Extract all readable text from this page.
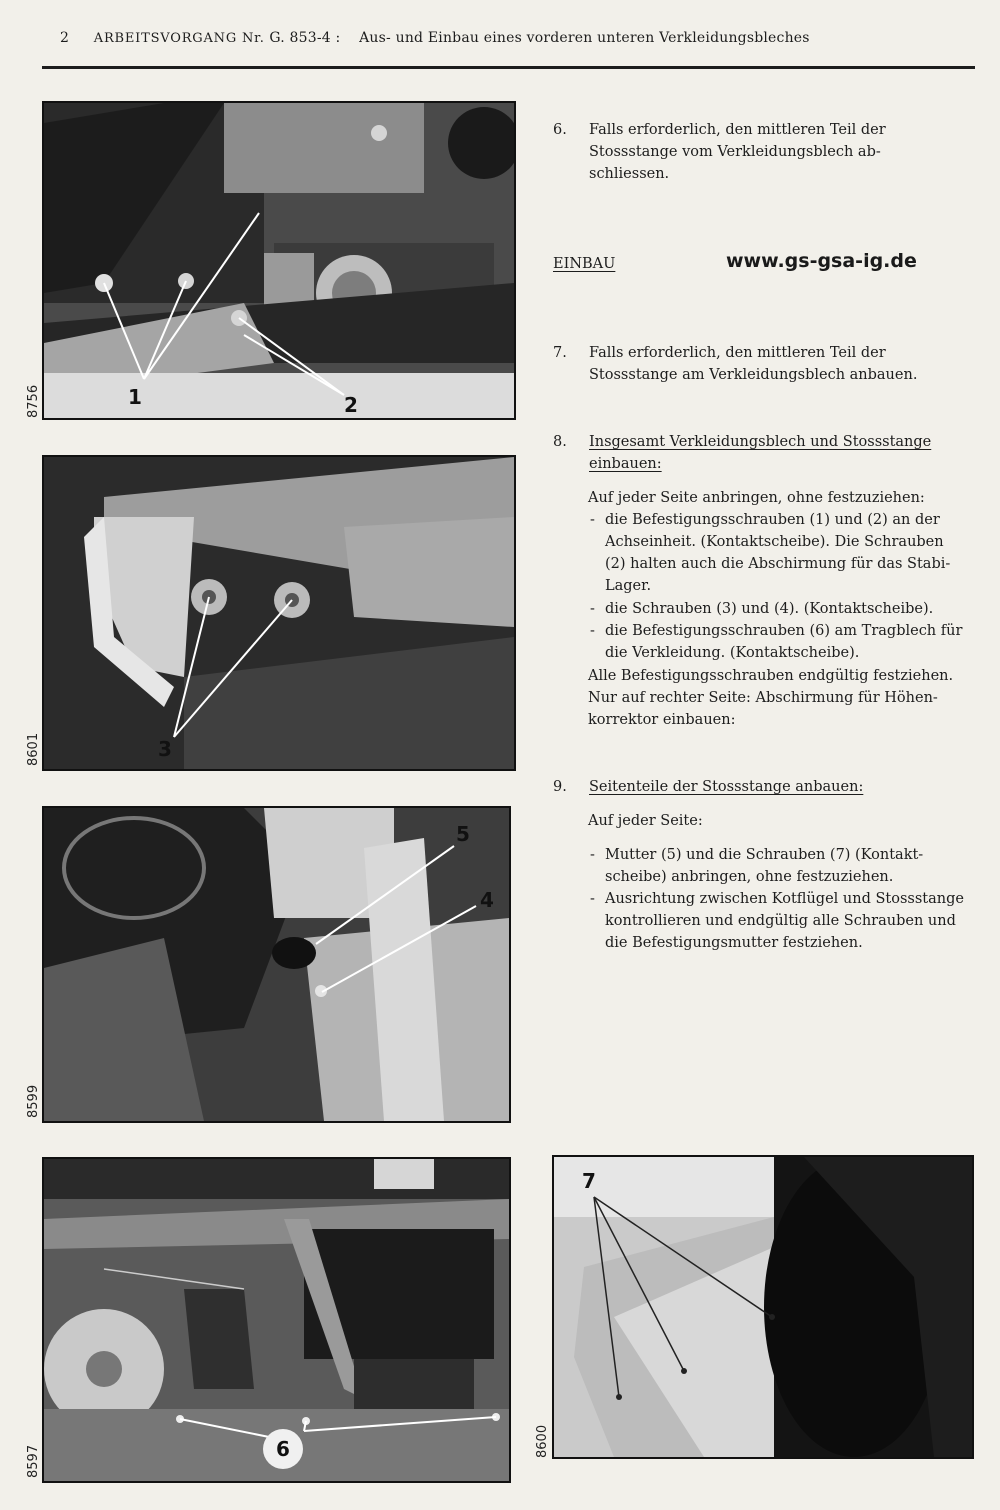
2 ARBEITSVORGANG Nr. G. 853-4 : Aus- und Einbau eines vorderen unteren Verkleidungsbleches
1	2
8756
3
8601
5
4
8599
6
8597
7
8600
6. Falls erforderlich, den mittleren Teil der
Stossstange vom Verkleidungsblech ab-
schliessen.
EINBAU	www.gs-gsa-ig.de
7. Falls erforderlich, den mittleren Teil der
Stossstange am Verkleidungsblech anbauen.
8. Insgesamt Verkleidungsblech und Stossstange
einbauen:
Auf jeder Seite anbringen, ohne festzuziehen:
- die Befestigungsschrauben (1) und (2) an der
Achseinheit. (Kontaktscheibe). Die Schrauben
(2) halten auch die Abschirmung für das Stabi-
Lager.
- die Schrauben (3) und (4). (Kontaktscheibe).
- die Befestigungsschrauben (6) am Tragblech für
die Verkleidung. (Kontaktscheibe).
Alle Befestigungsschrauben endgültig festziehen.
Nur auf rechter Seite: Abschirmung für Höhen-
korrektor einbauen:
9. Seitenteile der Stossstange anbauen:
Auf jeder Seite:
- Mutter (5) und die Schrauben (7) (Kontakt-
scheibe) anbringen, ohne festzuziehen.
- Ausrichtung zwischen Kotflügel und Stossstange
kontrollieren und endgültig alle Schrauben und
die Befestigungsmutter festziehen.
